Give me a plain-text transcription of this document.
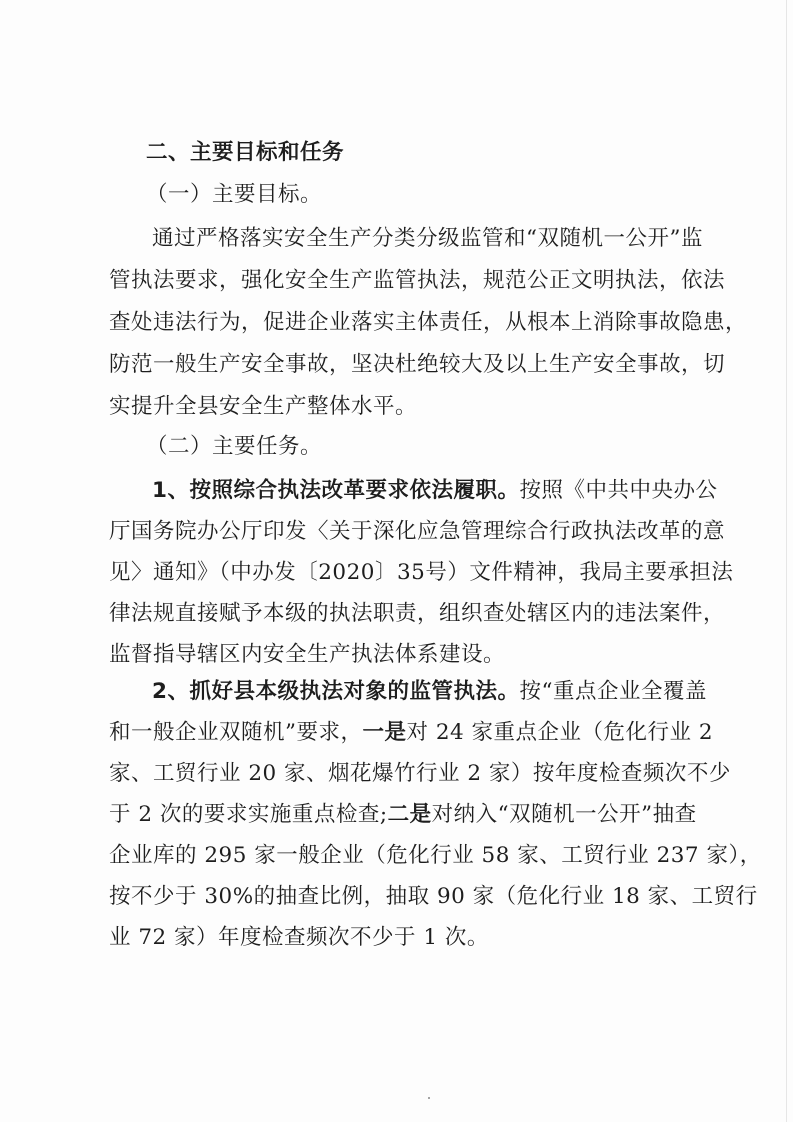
二、主要目标和任务
（一）主要目标。
通过严格落实安全生产分类分级监管和“双随机一公开”监
管执法要求，强化安全生产监管执法，规范公正文明执法，依法
查处违法行为，促进企业落实主体责任，从根本上消除事故隐患，
防范一般生产安全事故，坚决杜绝较大及以上生产安全事故，切
实提升全县安全生产整体水平。
（二）主要任务。
1、按照综合执法改革要求依法履职。按照《中共中央办公
厅国务院办公厅印发〈关于深化应急管理综合行政执法改革的意
见〉通知》（中办发〔2020〕35号）文件精神，我局主要承担法
律法规直接赋予本级的执法职责，组织查处辖区内的违法案件，
监督指导辖区内安全生产执法体系建设。
2、抓好县本级执法对象的监管执法。按“重点企业全覆盖
和一般企业双随机”要求，一是对 24 家重点企业（危化行业 2
家、工贸行业 20 家、烟花爆竹行业 2 家）按年度检查频次不少
于 2 次的要求实施重点检查;二是对纳入“双随机一公开”抽查
企业库的 295 家一般企业（危化行业 58 家、工贸行业 237 家），
按不少于 30%的抽查比例，抽取 90 家（危化行业 18 家、工贸行
业 72 家）年度检查频次不少于 1 次。
